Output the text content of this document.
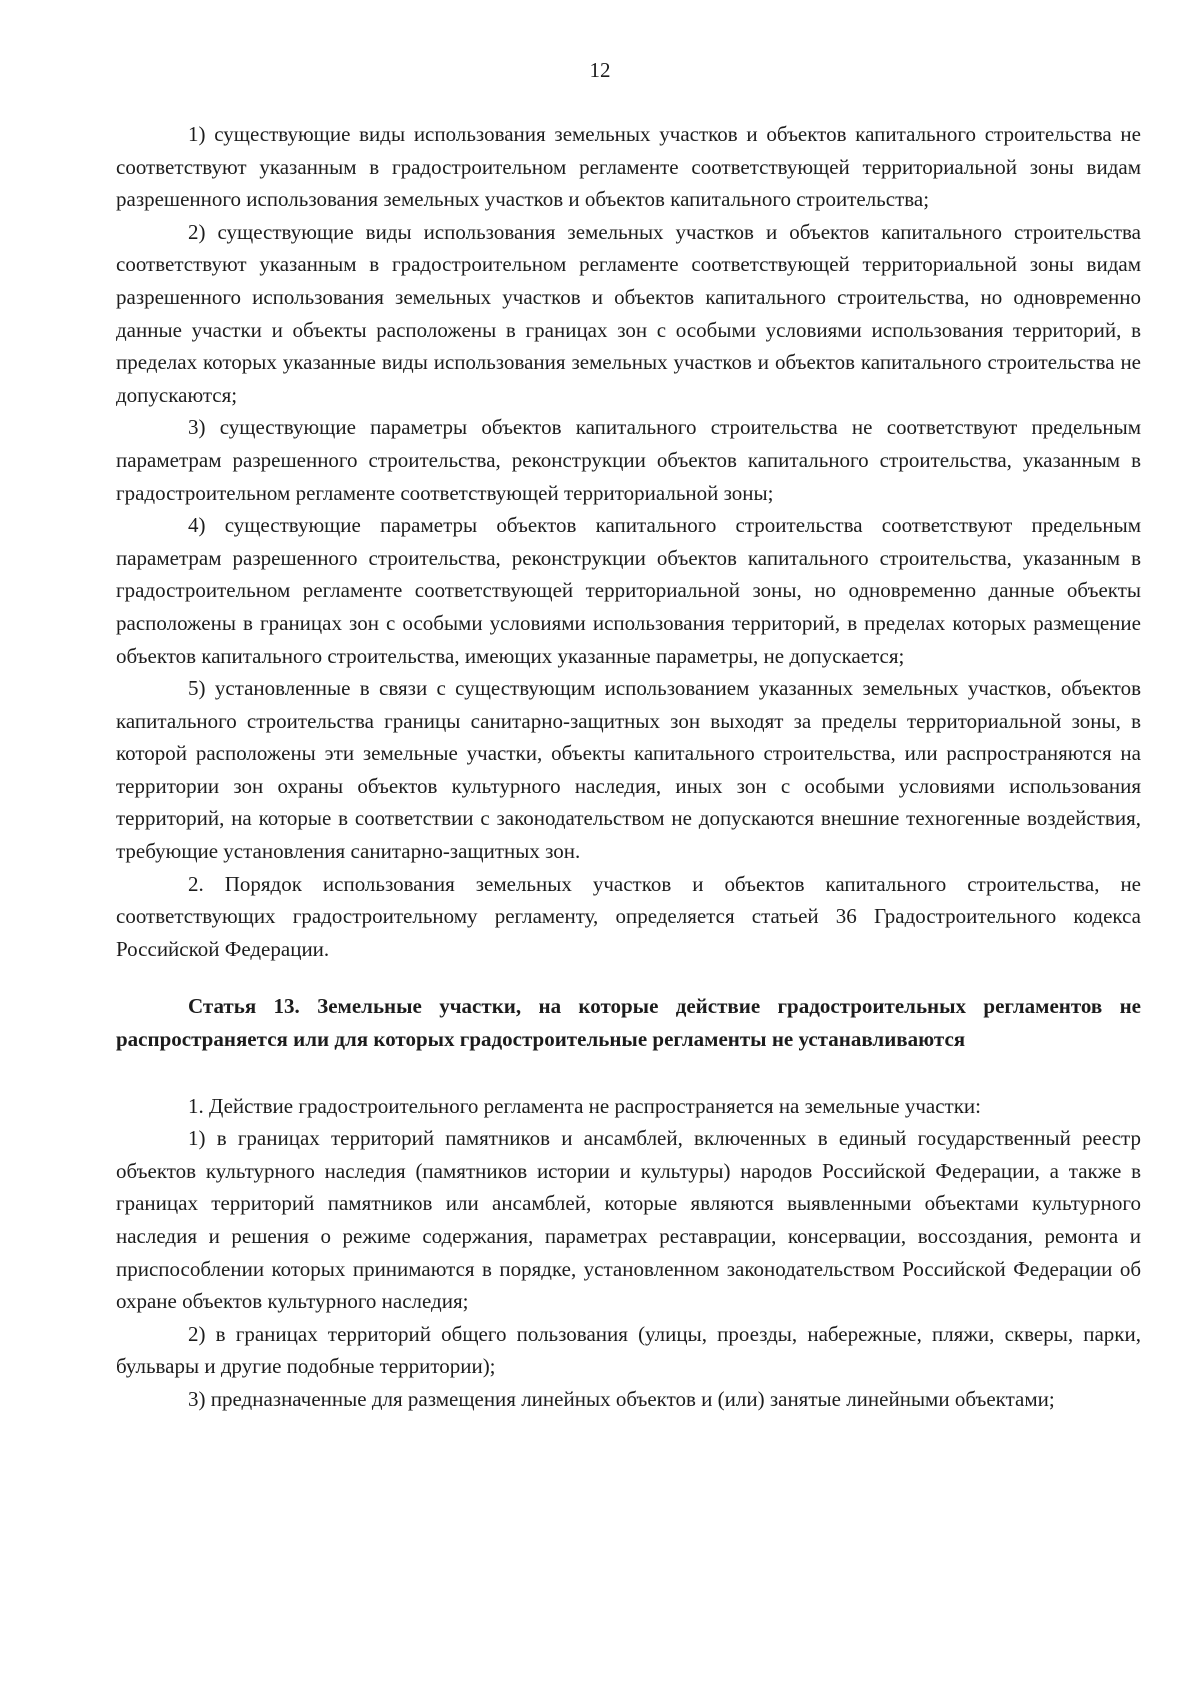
12

1) существующие виды использования земельных участков и объектов капитального строительства не соответствуют указанным в градостроительном регламенте соответствующей территориальной зоны видам разрешенного использования земельных участков и объектов капитального строительства;

2) существующие виды использования земельных участков и объектов капитального строительства соответствуют указанным в градостроительном регламенте соответствующей территориальной зоны видам разрешенного использования земельных участков и объектов капитального строительства, но одновременно данные участки и объекты расположены в границах зон с особыми условиями использования территорий, в пределах которых указанные виды использования земельных участков и объектов капитального строительства не допускаются;

3) существующие параметры объектов капитального строительства не соответствуют предельным параметрам разрешенного строительства, реконструкции объектов капитального строительства, указанным в градостроительном регламенте соответствующей территориальной зоны;

4) существующие параметры объектов капитального строительства соответствуют предельным параметрам разрешенного строительства, реконструкции объектов капитального строительства, указанным в градостроительном регламенте соответствующей территориальной зоны, но одновременно данные объекты расположены в границах зон с особыми условиями использования территорий, в пределах которых размещение объектов капитального строительства, имеющих указанные параметры, не допускается;

5) установленные в связи с существующим использованием указанных земельных участков, объектов капитального строительства границы санитарно-защитных зон выходят за пределы территориальной зоны, в которой расположены эти земельные участки, объекты капитального строительства, или распространяются на территории зон охраны объектов культурного наследия, иных зон с особыми условиями использования территорий, на которые в соответствии с законодательством не допускаются внешние техногенные воздействия, требующие установления санитарно-защитных зон.

2. Порядок использования земельных участков и объектов капитального строительства, не соответствующих градостроительному регламенту, определяется статьей 36 Градостроительного кодекса Российской Федерации.

Статья 13. Земельные участки, на которые действие градостроительных регламентов не распространяется или для которых градостроительные регламенты не устанавливаются

1. Действие градостроительного регламента не распространяется на земельные участки:

1) в границах территорий памятников и ансамблей, включенных в единый государственный реестр объектов культурного наследия (памятников истории и культуры) народов Российской Федерации, а также в границах территорий памятников или ансамблей, которые являются выявленными объектами культурного наследия и решения о режиме содержания, параметрах реставрации, консервации, воссоздания, ремонта и приспособлении которых принимаются в порядке, установленном законодательством Российской Федерации об охране объектов культурного наследия;

2) в границах территорий общего пользования (улицы, проезды, набережные, пляжи, скверы, парки, бульвары и другие подобные территории);

3) предназначенные для размещения линейных объектов и (или) занятые линейными объектами;
